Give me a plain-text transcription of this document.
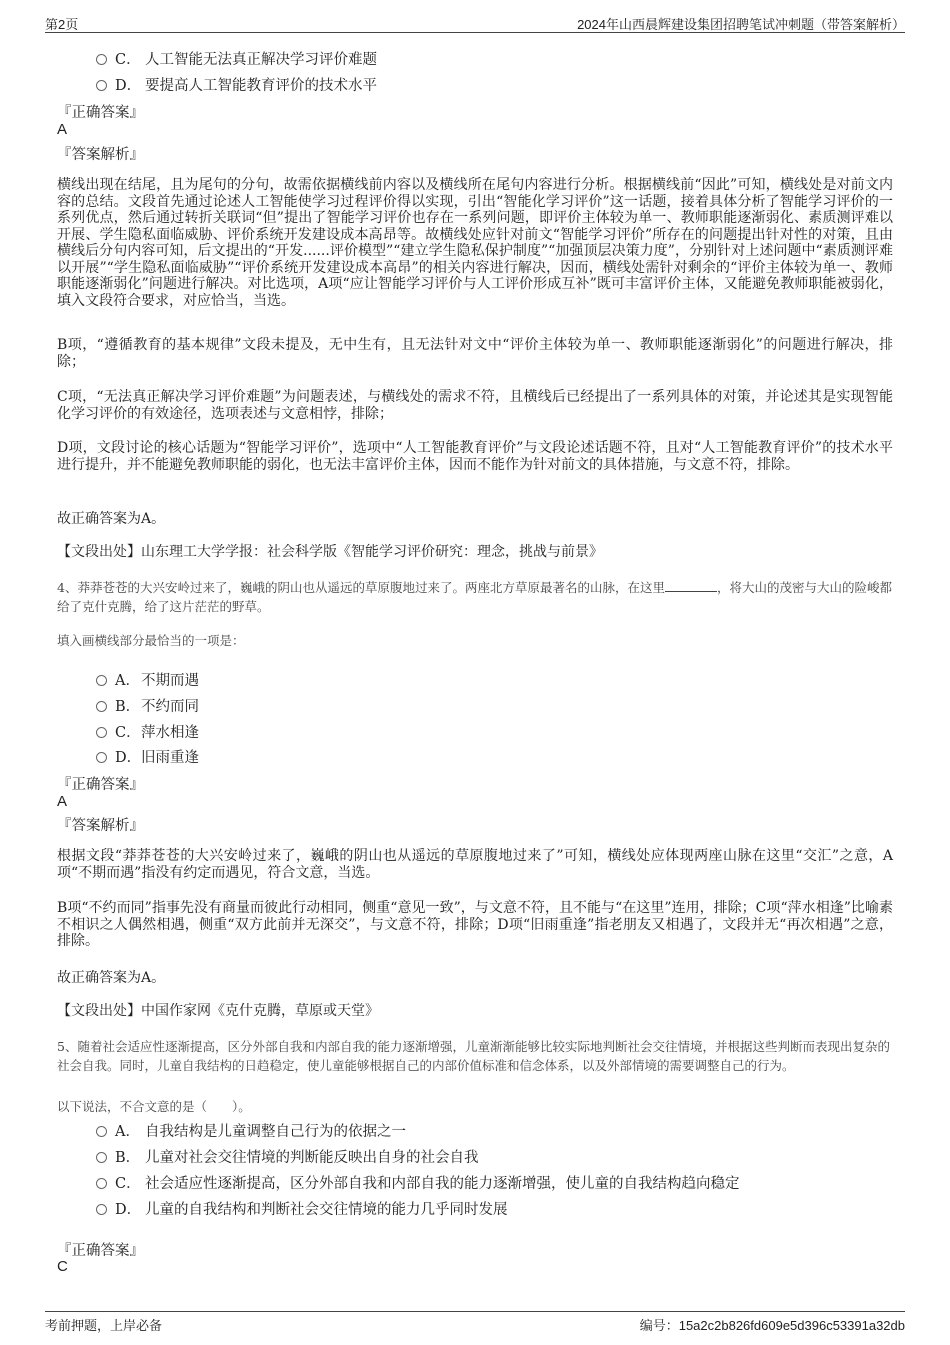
第2页	2024年山西晨辉建设集团招聘笔试冲刺题（带答案解析）
C． 人工智能无法真正解决学习评价难题
D． 要提高人工智能教育评价的技术水平
『正确答案』
A
『答案解析』
横线出现在结尾，且为尾句的分句，故需依据横线前内容以及横线所在尾句内容进行分析。根据横线前“因此”可知，横线处是对前文内容的总结。文段首先通过论述人工智能使学习过程评价得以实现，引出“智能化学习评价”这一话题，接着具体分析了智能学习评价的一系列优点，然后通过转折关联词“但”提出了智能学习评价也存在一系列问题，即评价主体较为单一、教师职能逐渐弱化、素质测评难以开展、学生隐私面临威胁、评价系统开发建设成本高昂等。故横线处应针对前文“智能学习评价”所存在的问题提出针对性的对策，且由横线后分句内容可知，后文提出的“开发......评价模型”“建立学生隐私保护制度”“加强顶层决策力度”，分别针对上述问题中“素质测评难以开展”“学生隐私面临威胁”“评价系统开发建设成本高昂”的相关内容进行解决，因而，横线处需针对剩余的“评价主体较为单一、教师职能逐渐弱化”问题进行解决。对比选项，A项“应让智能学习评价与人工评价形成互补”既可丰富评价主体，又能避免教师职能被弱化，填入文段符合要求，对应恰当，当选。
B项，“遵循教育的基本规律”文段未提及，无中生有，且无法针对文中“评价主体较为单一、教师职能逐渐弱化”的问题进行解决，排除；
C项，“无法真正解决学习评价难题”为问题表述，与横线处的需求不符，且横线后已经提出了一系列具体的对策，并论述其是实现智能化学习评价的有效途径，选项表述与文意相悖，排除；
D项，文段讨论的核心话题为“智能学习评价”，选项中“人工智能教育评价”与文段论述话题不符，且对“人工智能教育评价”的技术水平进行提升，并不能避免教师职能的弱化，也无法丰富评价主体，因而不能作为针对前文的具体措施，与文意不符，排除。
故正确答案为A。
【文段出处】山东理工大学学报：社会科学版《智能学习评价研究：理念，挑战与前景》
4、莽莽苍苍的大兴安岭过来了，巍峨的阴山也从遥远的草原腹地过来了。两座北方草原最著名的山脉，在这里	，将大山的茂密与大山的险峻都给了克什克腾，给了这片茫茫的野草。
填入画横线部分最恰当的一项是：
A．不期而遇
B．不约而同
C．萍水相逢
D．旧雨重逢
『正确答案』
A
『答案解析』
根据文段“莽莽苍苍的大兴安岭过来了，巍峨的阴山也从遥远的草原腹地过来了”可知，横线处应体现两座山脉在这里“交汇”之意，A项“不期而遇”指没有约定而遇见，符合文意，当选。
B项“不约而同”指事先没有商量而彼此行动相同，侧重“意见一致”，与文意不符，且不能与“在这里”连用，排除；C项“萍水相逢”比喻素不相识之人偶然相遇，侧重“双方此前并无深交”，与文意不符，排除；D项“旧雨重逢”指老朋友又相遇了，文段并无“再次相遇”之意，排除。
故正确答案为A。
【文段出处】中国作家网《克什克腾，草原或天堂》
5、随着社会适应性逐渐提高，区分外部自我和内部自我的能力逐渐增强，儿童渐渐能够比较实际地判断社会交往情境，并根据这些判断而表现出复杂的社会自我。同时，儿童自我结构的日趋稳定，使儿童能够根据自己的内部价值标准和信念体系，以及外部情境的需要调整自己的行为。
以下说法，不合文意的是（　　）。
A． 自我结构是儿童调整自己行为的依据之一
B． 儿童对社会交往情境的判断能反映出自身的社会自我
C． 社会适应性逐渐提高，区分外部自我和内部自我的能力逐渐增强，使儿童的自我结构趋向稳定
D． 儿童的自我结构和判断社会交往情境的能力几乎同时发展
『正确答案』
C
考前押题，上岸必备	编号：15a2c2b826fd609e5d396c53391a32db
